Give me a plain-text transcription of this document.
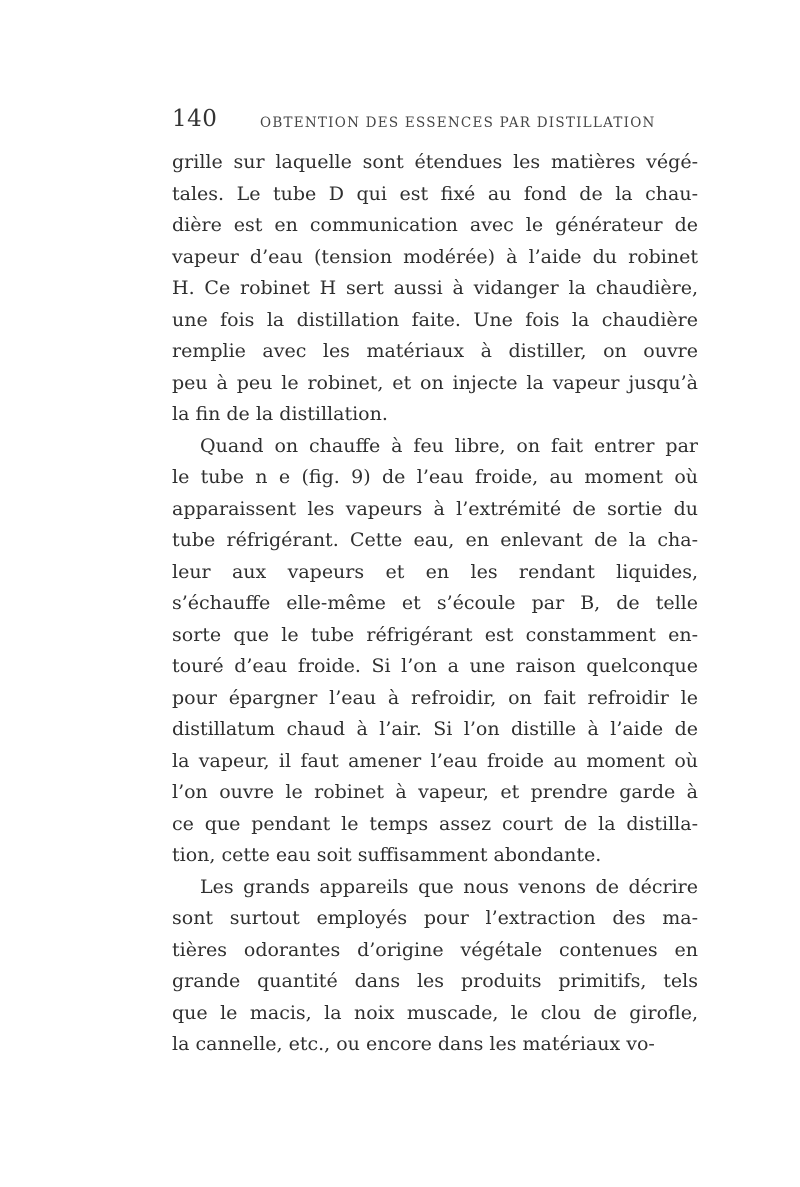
140	OBTENTION DES ESSENCES PAR DISTILLATION
grille sur laquelle sont étendues les matières végé-
tales. Le tube D qui est fixé au fond de la chau-
dière est en communication avec le générateur de
vapeur d’eau (tension modérée) à l’aide du robinet
H. Ce robinet H sert aussi à vidanger la chaudière,
une fois la distillation faite. Une fois la chaudière
remplie avec les matériaux à distiller, on ouvre
peu à peu le robinet, et on injecte la vapeur jusqu’à
la fin de la distillation.
Quand on chauffe à feu libre, on fait entrer par
le tube n e (fig. 9) de l’eau froide, au moment où
apparaissent les vapeurs à l’extrémité de sortie du
tube réfrigérant. Cette eau, en enlevant de la cha-
leur aux vapeurs et en les rendant liquides,
s’échauffe elle-même et s’écoule par B, de telle
sorte que le tube réfrigérant est constamment en-
touré d’eau froide. Si l’on a une raison quelconque
pour épargner l’eau à refroidir, on fait refroidir le
distillatum chaud à l’air. Si l’on distille à l’aide de
la vapeur, il faut amener l’eau froide au moment où
l’on ouvre le robinet à vapeur, et prendre garde à
ce que pendant le temps assez court de la distilla-
tion, cette eau soit suffisamment abondante.
Les grands appareils que nous venons de décrire
sont surtout employés pour l’extraction des ma-
tières odorantes d’origine végétale contenues en
grande quantité dans les produits primitifs, tels
que le macis, la noix muscade, le clou de girofle,
la cannelle, etc., ou encore dans les matériaux vo-
